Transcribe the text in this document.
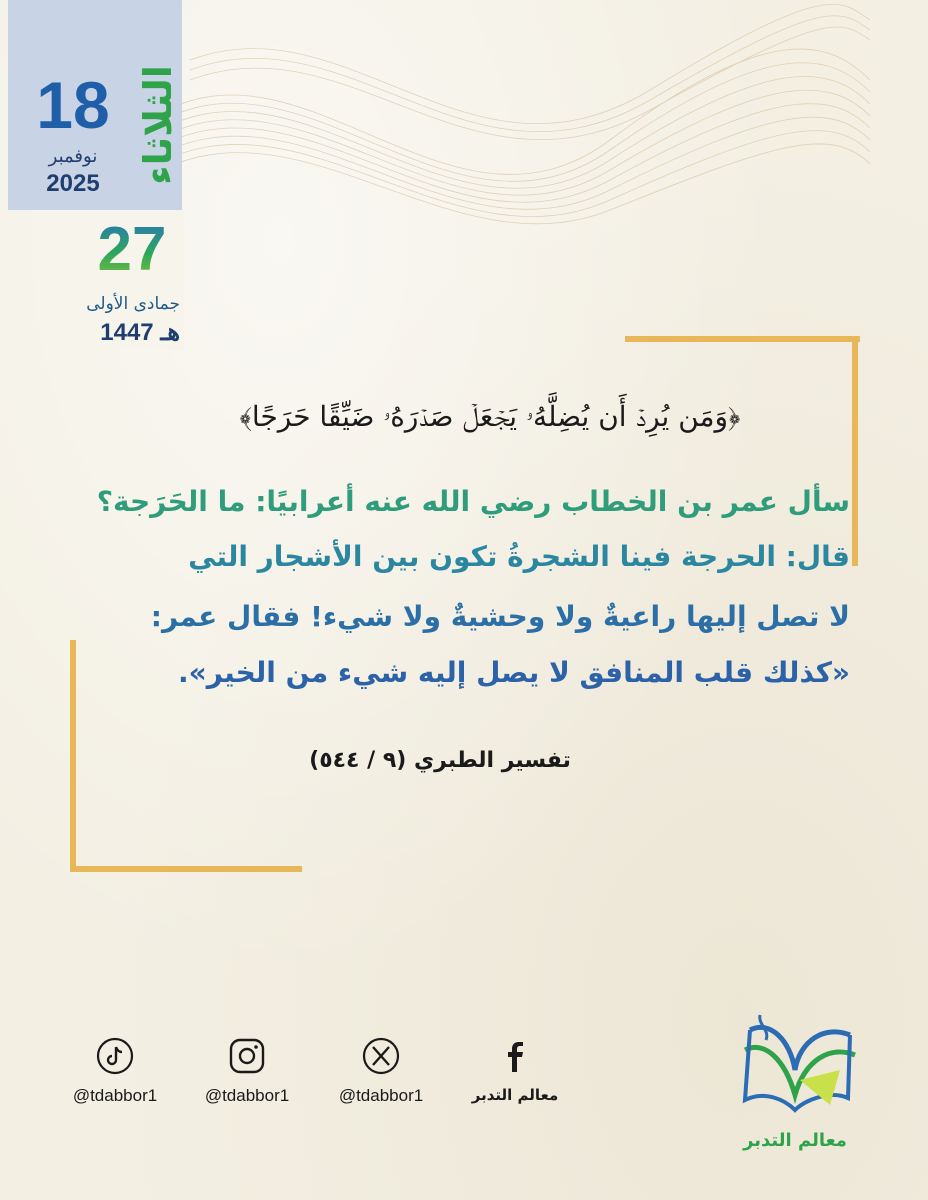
18
نوفمبر
2025 الثلاثاء
27
جمادى الأولى
1447 هـ
﴿وَمَن يُرِدۡ أَن يُضِلَّهُۥ يَجۡعَلۡ صَدۡرَهُۥ ضَيِّقًا حَرَجًا﴾
سأل عمر بن الخطاب رضي الله عنه أعرابيًا: ما الحَرَجة؟
قال: الحرجة فينا الشجرةُ تكون بين الأشجار التي
لا تصل إليها راعيةٌ ولا وحشيةٌ ولا شيء! فقال عمر:
«كذلك قلب المنافق لا يصل إليه شيء من الخير».
تفسير الطبري (٩ / ٥٤٤)
@tdabbor1	@tdabbor1	@tdabbor1	معالم التدبر
معالم التدبر
